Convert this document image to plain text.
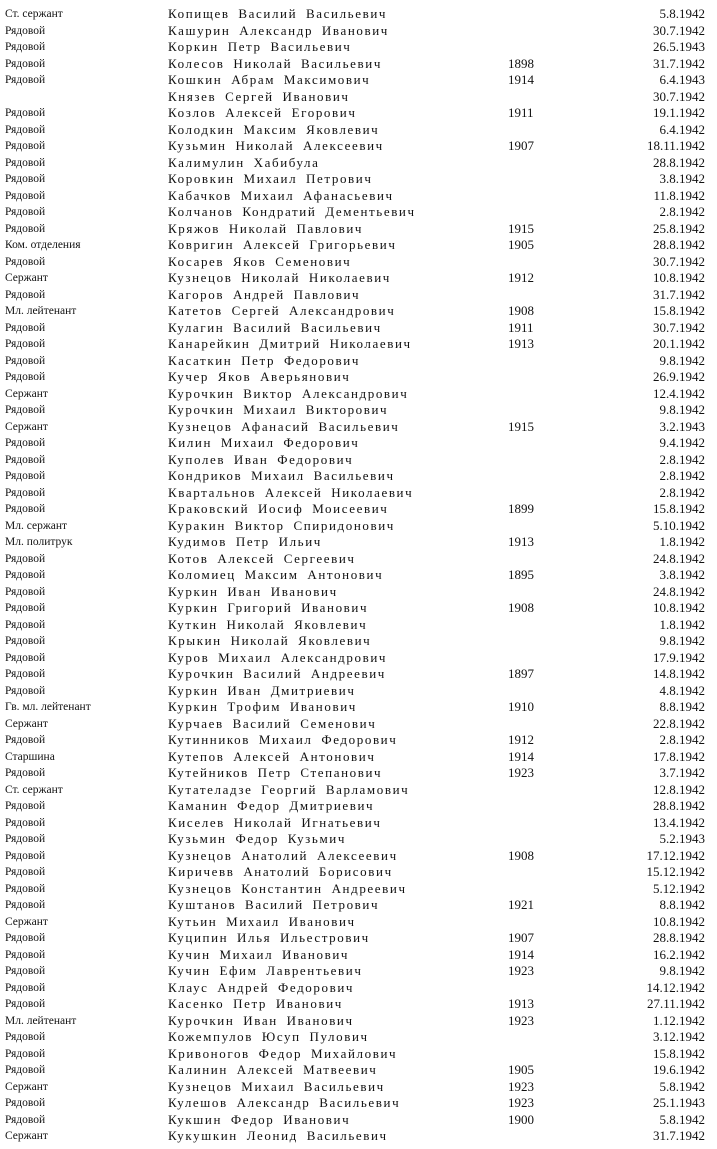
Ст. сержант	Копищев Василий Васильевич	5.8.1942
Рядовой	Кашурин Александр Иванович	30.7.1942
Рядовой	Коркин Петр Васильевич	26.5.1943
Рядовой	Колесов Николай Васильевич	1898	31.7.1942
Рядовой	Кошкин Абрам Максимович	1914	6.4.1943
Князев Сергей Иванович	30.7.1942
Рядовой	Козлов Алексей Егорович	1911	19.1.1942
Рядовой	Колодкин Максим Яковлевич	6.4.1942
Рядовой	Кузьмин Николай Алексеевич	1907	18.11.1942
Рядовой	Калимулин Хабибула	28.8.1942
Рядовой	Коровкин Михаил Петрович	3.8.1942
Рядовой	Кабачков Михаил Афанасьевич	11.8.1942
Рядовой	Колчанов Кондратий Дементьевич	2.8.1942
Рядовой	Кряжов Николай Павлович	1915	25.8.1942
Ком. отделения	Ковригин Алексей Григорьевич	1905	28.8.1942
Рядовой	Косарев Яков Семенович	30.7.1942
Сержант	Кузнецов Николай Николаевич	1912	10.8.1942
Рядовой	Кагоров Андрей Павлович	31.7.1942
Мл. лейтенант	Катетов Сергей Александрович	1908	15.8.1942
Рядовой	Кулагин Василий Васильевич	1911	30.7.1942
Рядовой	Канарейкин Дмитрий Николаевич	1913	20.1.1942
Рядовой	Касаткин Петр Федорович	9.8.1942
Рядовой	Кучер Яков Аверьянович	26.9.1942
Сержант	Курочкин Виктор Александрович	12.4.1942
Рядовой	Курочкин Михаил Викторович	9.8.1942
Сержант	Кузнецов Афанасий Васильевич	1915	3.2.1943
Рядовой	Килин Михаил Федорович	9.4.1942
Рядовой	Куполев Иван Федорович	2.8.1942
Рядовой	Кондриков Михаил Васильевич	2.8.1942
Рядовой	Квартальнов Алексей Николаевич	2.8.1942
Рядовой	Краковский Иосиф Моисеевич	1899	15.8.1942
Мл. сержант	Куракин Виктор Спиридонович	5.10.1942
Мл. политрук	Кудимов Петр Ильич	1913	1.8.1942
Рядовой	Котов Алексей Сергеевич	24.8.1942
Рядовой	Коломиец Максим Антонович	1895	3.8.1942
Рядовой	Куркин Иван Иванович	24.8.1942
Рядовой	Куркин Григорий Иванович	1908	10.8.1942
Рядовой	Куткин Николай Яковлевич	1.8.1942
Рядовой	Крыкин Николай Яковлевич	9.8.1942
Рядовой	Куров Михаил Александрович	17.9.1942
Рядовой	Курочкин Василий Андреевич	1897	14.8.1942
Рядовой	Куркин Иван Дмитриевич	4.8.1942
Гв. мл. лейтенант	Куркин Трофим Иванович	1910	8.8.1942
Сержант	Курчаев Василий Семенович	22.8.1942
Рядовой	Кутинников Михаил Федорович	1912	2.8.1942
Старшина	Кутепов Алексей Антонович	1914	17.8.1942
Рядовой	Кутейников Петр Степанович	1923	3.7.1942
Ст. сержант	Кутателадзе Георгий Варламович	12.8.1942
Рядовой	Каманин Федор Дмитриевич	28.8.1942
Рядовой	Киселев Николай Игнатьевич	13.4.1942
Рядовой	Кузьмин Федор Кузьмич	5.2.1943
Рядовой	Кузнецов Анатолий Алексеевич	1908	17.12.1942
Рядовой	Киричевв Анатолий Борисович	15.12.1942
Рядовой	Кузнецов Константин Андреевич	5.12.1942
Рядовой	Куштанов Василий Петрович	1921	8.8.1942
Сержант	Кутьин Михаил Иванович	10.8.1942
Рядовой	Куципин Илья Ильестрович	1907	28.8.1942
Рядовой	Кучин Михаил Иванович	1914	16.2.1942
Рядовой	Кучин Ефим Лаврентьевич	1923	9.8.1942
Рядовой	Клаус Андрей Федорович	14.12.1942
Рядовой	Касенко Петр Иванович	1913	27.11.1942
Мл. лейтенант	Курочкин Иван Иванович	1923	1.12.1942
Рядовой	Кожемпулов Юсуп Пулович	3.12.1942
Рядовой	Кривоногов Федор Михайлович	15.8.1942
Рядовой	Калинин Алексей Матвеевич	1905	19.6.1942
Сержант	Кузнецов Михаил Васильевич	1923	5.8.1942
Рядовой	Кулешов Александр Васильевич	1923	25.1.1943
Рядовой	Кукшин Федор Иванович	1900	5.8.1942
Сержант	Кукушкин Леонид Васильевич	31.7.1942
